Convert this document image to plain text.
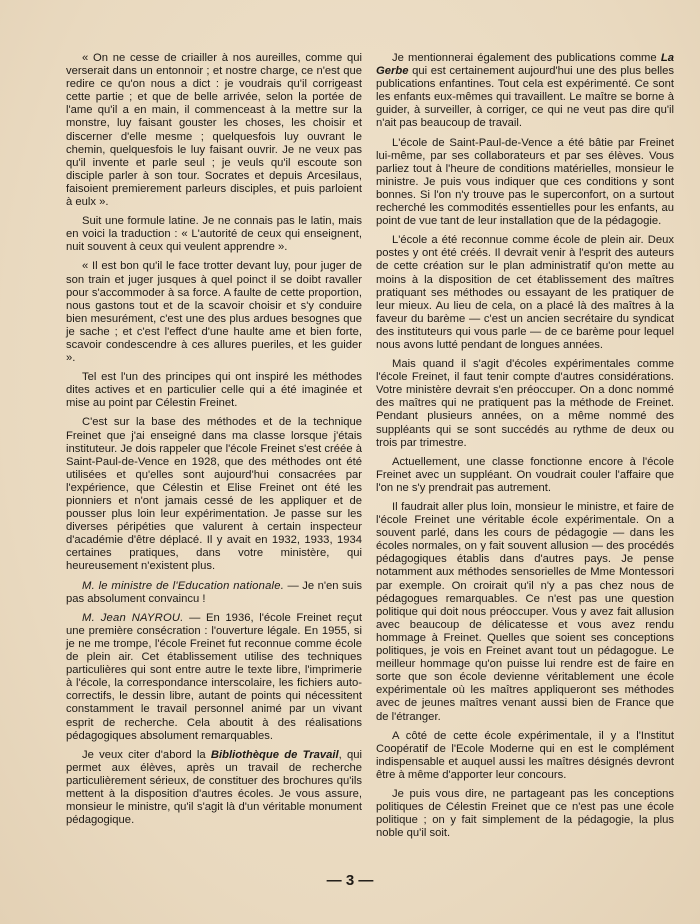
« On ne cesse de criailler à nos aureilles, comme qui verserait dans un entonnoir ; et nostre charge, ce n'est que redire ce qu'on nous a dict : je voudrais qu'il corrigeast cette partie ; et que de belle arrivée, selon la portée de l'ame qu'il a en main, il commenceast à la mettre sur la monstre, luy faisant gouster les choses, les choisir et discerner d'elle mesme ; quelquesfois luy ouvrant le chemin, quelquesfois le luy faisant ouvrir. Je ne veux pas qu'il invente et parle seul ; je veuls qu'il escoute son disciple parler à son tour. Socrates et depuis Arcesilaus, faisoient premierement parleurs disciples, et puis parloient à eulx ».

Suit une formule latine. Je ne connais pas le latin, mais en voici la traduction : « L'autorité de ceux qui enseignent, nuit souvent à ceux qui veulent apprendre ».

« Il est bon qu'il le face trotter devant luy, pour juger de son train et juger jusques à quel poinct il se doibt ravaller pour s'accommoder à sa force. A faulte de cette proportion, nous gastons tout et de la scavoir choisir et s'y conduire bien mesurément, c'est une des plus ardues besognes que je sache ; et c'est l'effect d'une haulte ame et bien forte, scavoir condescendre à ces allures pueriles, et les guider ».

Tel est l'un des principes qui ont inspiré les méthodes dites actives et en particulier celle qui a été imaginée et mise au point par Célestin Freinet.

C'est sur la base des méthodes et de la technique Freinet que j'ai enseigné dans ma classe lorsque j'étais instituteur. Je dois rappeler que l'école Freinet s'est créée à Saint-Paul-de-Vence en 1928, que des méthodes ont été utilisées et qu'elles sont aujourd'hui consacrées par l'expérience, que Célestin et Elise Freinet ont été les pionniers et n'ont jamais cessé de les appliquer et de pousser plus loin leur expérimentation. Je passe sur les diverses péripéties que valurent à certain inspecteur d'académie d'être déplacé. Il y avait en 1932, 1933, 1934 certaines pratiques, dans votre ministère, qui heureusement n'existent plus.

M. le ministre de l'Education nationale. — Je n'en suis pas absolument convaincu !

M. Jean NAYROU. — En 1936, l'école Freinet reçut une première consécration : l'ouverture légale. En 1955, si je ne me trompe, l'école Freinet fut reconnue comme école de plein air. Cet établissement utilise des techniques particulières qui sont entre autre le texte libre, l'imprimerie à l'école, la correspondance interscolaire, les fichiers auto-correctifs, le dessin libre, autant de points qui nécessitent constamment le travail personnel animé par un vivant esprit de recherche. Cela aboutit à des réalisations pédagogiques absolument remarquables.

Je veux citer d'abord la Bibliothèque de Travail, qui permet aux élèves, après un travail de recherche particulièrement sérieux, de constituer des brochures qu'ils mettent à la disposition d'autres écoles. Je vous assure, monsieur le ministre, qu'il s'agit là d'un véritable monument pédagogique.

Je mentionnerai également des publications comme La Gerbe qui est certainement aujourd'hui une des plus belles publications enfantines. Tout cela est expérimenté. Ce sont les enfants eux-mêmes qui travaillent. Le maître se borne à guider, à surveiller, à corriger, ce qui ne veut pas dire qu'il n'ait pas beaucoup de travail.

L'école de Saint-Paul-de-Vence a été bâtie par Freinet lui-même, par ses collaborateurs et par ses élèves. Vous parliez tout à l'heure de conditions matérielles, monsieur le ministre. Je puis vous indiquer que ces conditions y sont bonnes. Si l'on n'y trouve pas le superconfort, on a surtout recherché les commodités essentielles pour les enfants, au point de vue tant de leur installation que de la pédagogie.

L'école a été reconnue comme école de plein air. Deux postes y ont été créés. Il devrait venir à l'esprit des auteurs de cette création sur le plan administratif qu'on mette au moins à la disposition de cet établissement des maîtres pratiquant ses méthodes ou essayant de les pratiquer de leur mieux. Au lieu de cela, on a placé là des maîtres à la faveur du barème — c'est un ancien secrétaire du syndicat des instituteurs qui vous parle — de ce barème pour lequel nous avons lutté pendant de longues années.

Mais quand il s'agit d'écoles expérimentales comme l'école Freinet, il faut tenir compte d'autres considérations. Votre ministère devrait s'en préoccuper. On a donc nommé des maîtres qui ne pratiquent pas la méthode de Freinet. Pendant plusieurs années, on a même nommé des suppléants qui se sont succédés au rythme de deux ou trois par trimestre.

Actuellement, une classe fonctionne encore à l'école Freinet avec un suppléant. On voudrait couler l'affaire que l'on ne s'y prendrait pas autrement.

Il faudrait aller plus loin, monsieur le ministre, et faire de l'école Freinet une véritable école expérimentale. On a souvent parlé, dans les cours de pédagogie — dans les écoles normales, on y fait souvent allusion — des procédés pédagogiques établis dans d'autres pays. Je pense notamment aux méthodes sensorielles de Mme Montessori par exemple. On croirait qu'il n'y a pas chez nous de pédagogues remarquables. Ce n'est pas une question politique qui doit nous préoccuper. Vous y avez fait allusion avec beaucoup de délicatesse et vous avez rendu hommage à Freinet. Quelles que soient ses conceptions politiques, je vois en Freinet avant tout un pédagogue. Le meilleur hommage qu'on puisse lui rendre est de faire en sorte que son école devienne véritablement une école expérimentale où les maîtres appliqueront ses méthodes avec de jeunes maîtres venant aussi bien de France que de l'étranger.

A côté de cette école expérimentale, il y a l'Institut Coopératif de l'Ecole Moderne qui en est le complément indispensable et auquel aussi les maîtres désignés devront être à même d'apporter leur concours.

Je puis vous dire, ne partageant pas les conceptions politiques de Célestin Freinet que ce n'est pas une école politique ; on y fait simplement de la pédagogie, la plus noble qu'il soit.

— 3 —
